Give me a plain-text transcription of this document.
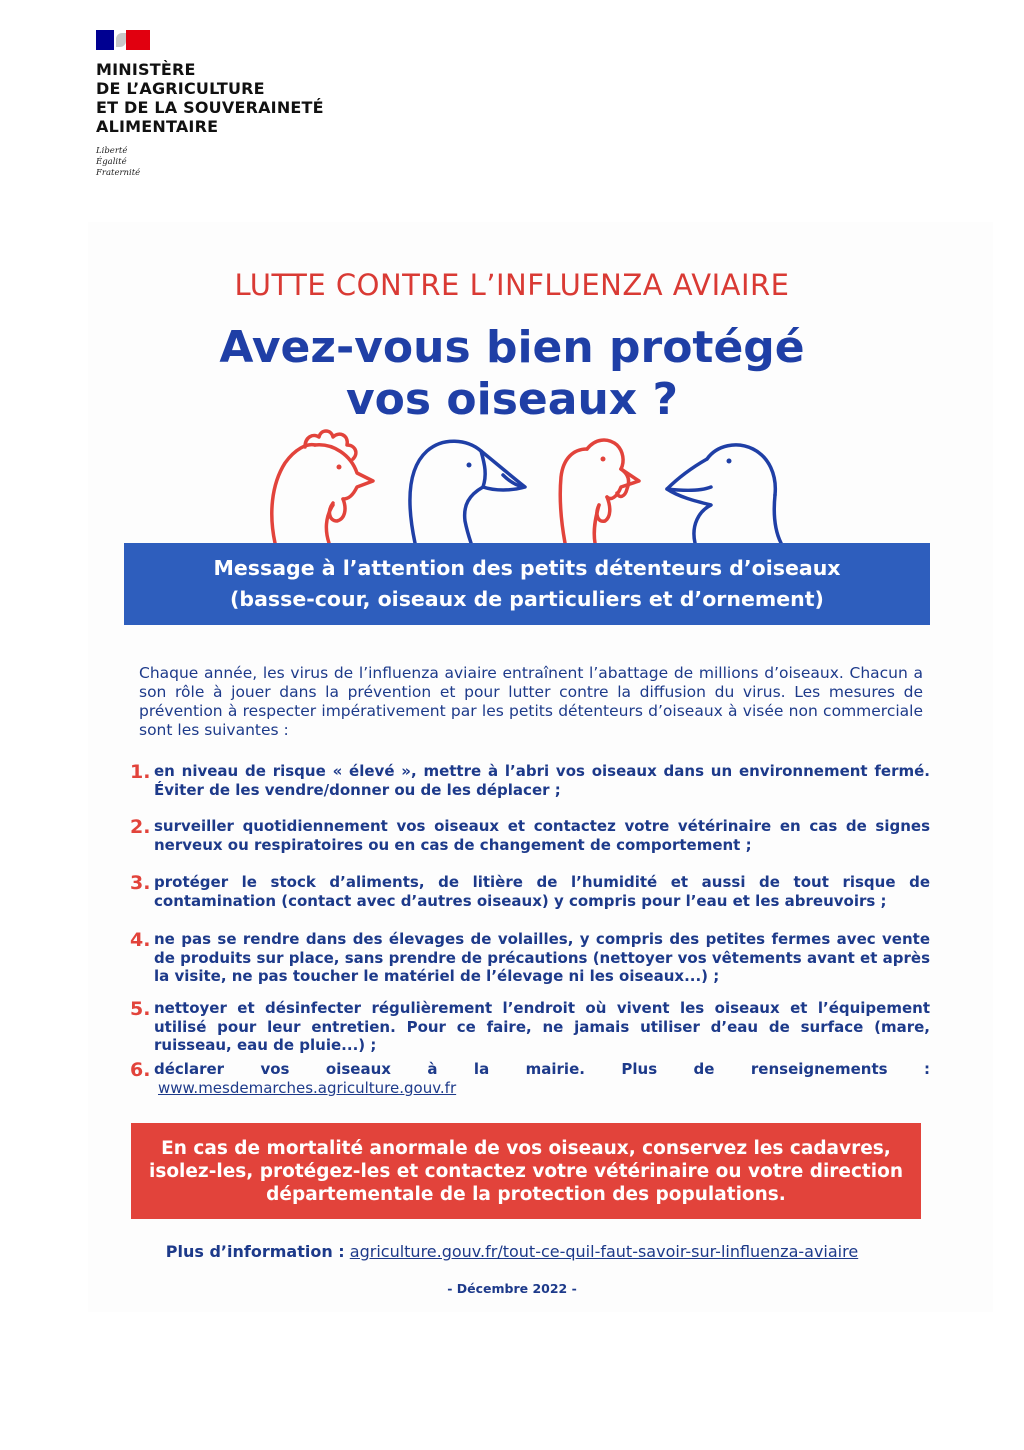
MINISTÈRE
DE L’AGRICULTURE
ET DE LA SOUVERAINETÉ
ALIMENTAIRE
Liberté
Égalité
Fraternité
LUTTE CONTRE L’INFLUENZA AVIAIRE
Avez-vous bien protégé
vos oiseaux ?
Message à l’attention des petits détenteurs d’oiseaux
(basse-cour, oiseaux de particuliers et d’ornement)
Chaque année, les virus de l’influenza aviaire entraînent l’abattage de millions d’oiseaux. Chacun a son rôle à jouer dans la prévention et pour lutter contre la diffusion du virus. Les mesures de prévention à respecter impérativement par les petits détenteurs d’oiseaux à visée non commerciale sont les suivantes :
1. en niveau de risque « élevé », mettre à l’abri vos oiseaux dans un environnement fermé. Éviter de les vendre/donner ou de les déplacer ;
2. surveiller quotidiennement vos oiseaux et contactez votre vétérinaire en cas de signes nerveux ou respiratoires ou en cas de changement de comportement ;
3. protéger le stock d’aliments, de litière de l’humidité et aussi de tout risque de contamination (contact avec d’autres oiseaux) y compris pour l’eau et les abreuvoirs ;
4. ne pas se rendre dans des élevages de volailles, y compris des petites fermes avec vente de produits sur place, sans prendre de précautions (nettoyer vos vêtements avant et après la visite, ne pas toucher le matériel de l’élevage ni les oiseaux...) ;
5. nettoyer et désinfecter régulièrement l’endroit où vivent les oiseaux et l’équipement utilisé pour leur entretien. Pour ce faire, ne jamais utiliser d’eau de surface (mare, ruisseau, eau de pluie...) ;
6. déclarer vos oiseaux à la mairie. Plus de renseignements : www.mesdemarches.agriculture.gouv.fr
En cas de mortalité anormale de vos oiseaux, conservez les cadavres,
isolez-les, protégez-les et contactez votre vétérinaire ou votre direction
départementale de la protection des populations.
Plus d’information : agriculture.gouv.fr/tout-ce-quil-faut-savoir-sur-linfluenza-aviaire
- Décembre 2022 -
